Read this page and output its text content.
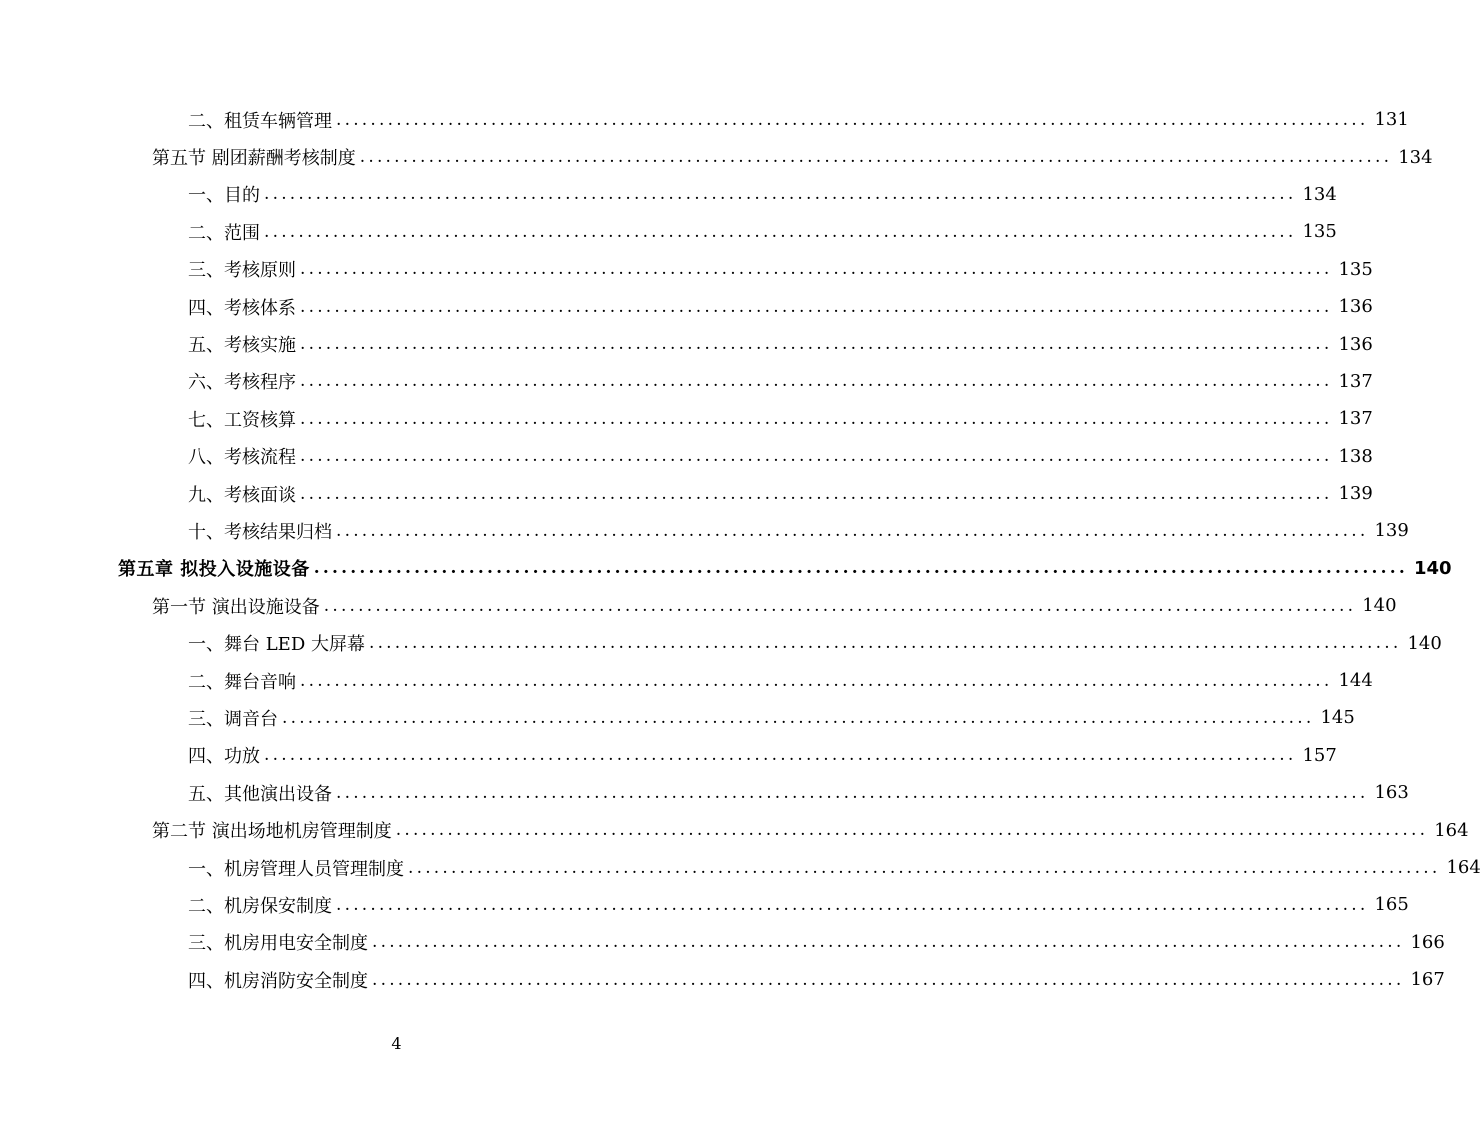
二、租赁车辆管理 ........................................................................................................................ 131
第五节 剧团薪酬考核制度 ........................................................................................................................ 134
一、目的 ........................................................................................................................ 134
二、范围 ........................................................................................................................ 135
三、考核原则 ........................................................................................................................ 135
四、考核体系 ........................................................................................................................ 136
五、考核实施 ........................................................................................................................ 136
六、考核程序 ........................................................................................................................ 137
七、工资核算 ........................................................................................................................ 137
八、考核流程 ........................................................................................................................ 138
九、考核面谈 ........................................................................................................................ 139
十、考核结果归档 ........................................................................................................................ 139
第五章 拟投入设施设备 ........................................................................................................................ 140
第一节 演出设施设备 ........................................................................................................................ 140
一、舞台 LED 大屏幕 ........................................................................................................................ 140
二、舞台音响 ........................................................................................................................ 144
三、调音台 ........................................................................................................................ 145
四、功放 ........................................................................................................................ 157
五、其他演出设备 ........................................................................................................................ 163
第二节 演出场地机房管理制度 ........................................................................................................................ 164
一、机房管理人员管理制度 ........................................................................................................................ 164
二、机房保安制度 ........................................................................................................................ 165
三、机房用电安全制度 ........................................................................................................................ 166
四、机房消防安全制度 ........................................................................................................................ 167
4
